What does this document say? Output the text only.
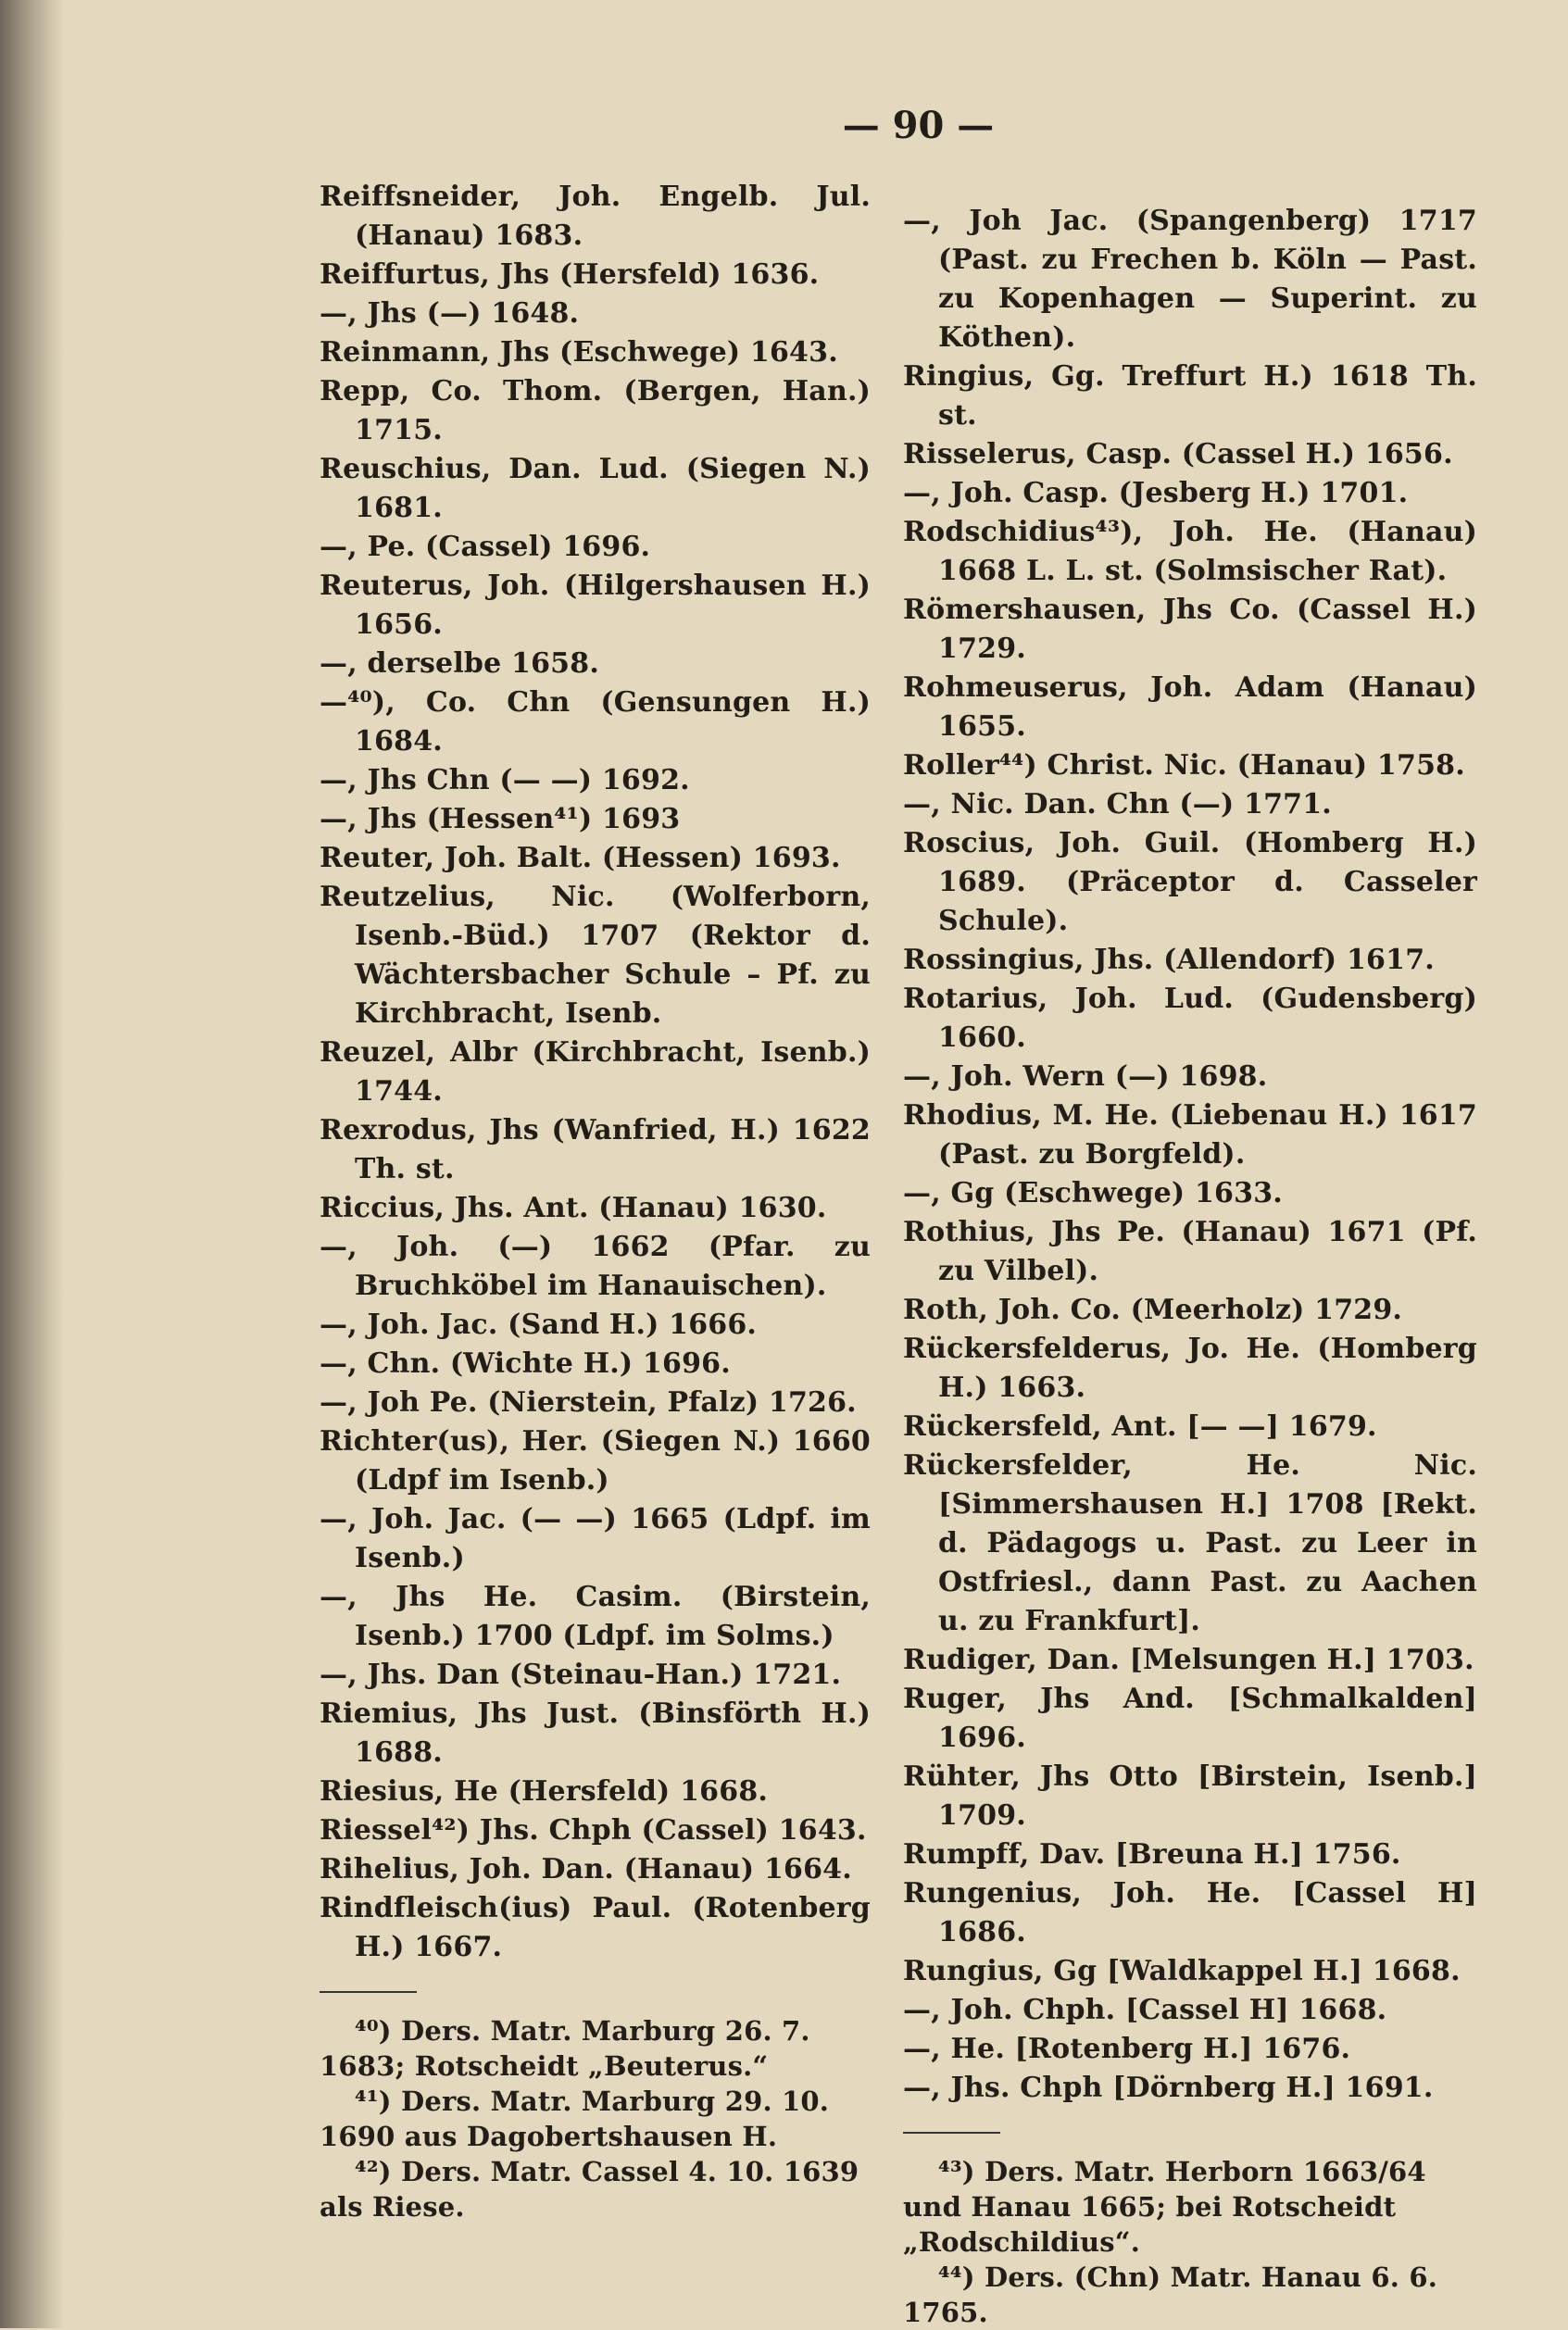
— 90 —
Reiffsneider, Joh. Engelb. Jul. (Hanau) 1683.
Reiffurtus, Jhs (Hersfeld) 1636.
—, Jhs (—) 1648.
Reinmann, Jhs (Eschwege) 1643.
Repp, Co. Thom. (Bergen, Han.) 1715.
Reuschius, Dan. Lud. (Siegen N.) 1681.
—, Pe. (Cassel) 1696.
Reuterus, Joh. (Hilgershausen H.) 1656.
—, derselbe 1658.
—⁴⁰), Co. Chn (Gensungen H.) 1684.
—, Jhs Chn (— —) 1692.
—, Jhs (Hessen⁴¹) 1693
Reuter, Joh. Balt. (Hessen) 1693.
Reutzelius, Nic. (Wolferborn, Isenb.-Büd.) 1707 (Rektor d. Wächtersbacher Schule – Pf. zu Kirchbracht, Isenb.
Reuzel, Albr (Kirchbracht, Isenb.) 1744.
Rexrodus, Jhs (Wanfried, H.) 1622 Th. st.
Riccius, Jhs. Ant. (Hanau) 1630.
—, Joh. (—) 1662 (Pfar. zu Bruchköbel im Hanauischen).
—, Joh. Jac. (Sand H.) 1666.
—, Chn. (Wichte H.) 1696.
—, Joh Pe. (Nierstein, Pfalz) 1726.
Richter(us), Her. (Siegen N.) 1660 (Ldpf im Isenb.)
—, Joh. Jac. (— —) 1665 (Ldpf. im Isenb.)
—, Jhs He. Casim. (Birstein, Isenb.) 1700 (Ldpf. im Solms.)
—, Jhs. Dan (Steinau-Han.) 1721.
Riemius, Jhs Just. (Binsförth H.) 1688.
Riesius, He (Hersfeld) 1668.
Riessel⁴²) Jhs. Chph (Cassel) 1643.
Rihelius, Joh. Dan. (Hanau) 1664.
Rindfleisch(ius) Paul. (Rotenberg H.) 1667.
⁴⁰) Ders. Matr. Marburg 26. 7. 1683; Rotscheidt „Beuterus.“
⁴¹) Ders. Matr. Marburg 29. 10. 1690 aus Dagobertshausen H.
⁴²) Ders. Matr. Cassel 4. 10. 1639 als Riese.
—, Joh Jac. (Spangenberg) 1717 (Past. zu Frechen b. Köln — Past. zu Kopenhagen — Superint. zu Köthen).
Ringius, Gg. Treffurt H.) 1618 Th. st.
Risselerus, Casp. (Cassel H.) 1656.
—, Joh. Casp. (Jesberg H.) 1701.
Rodschidius⁴³), Joh. He. (Hanau) 1668 L. L. st. (Solmsischer Rat).
Römershausen, Jhs Co. (Cassel H.) 1729.
Rohmeuserus, Joh. Adam (Hanau) 1655.
Roller⁴⁴) Christ. Nic. (Hanau) 1758.
—, Nic. Dan. Chn (—) 1771.
Roscius, Joh. Guil. (Homberg H.) 1689. (Präceptor d. Casseler Schule).
Rossingius, Jhs. (Allendorf) 1617.
Rotarius, Joh. Lud. (Gudensberg) 1660.
—, Joh. Wern (—) 1698.
Rhodius, M. He. (Liebenau H.) 1617 (Past. zu Borgfeld).
—, Gg (Eschwege) 1633.
Rothius, Jhs Pe. (Hanau) 1671 (Pf. zu Vilbel).
Roth, Joh. Co. (Meerholz) 1729.
Rückersfelderus, Jo. He. (Homberg H.) 1663.
Rückersfeld, Ant. [— —] 1679.
Rückersfelder, He. Nic. [Simmershausen H.] 1708 [Rekt. d. Pädagogs u. Past. zu Leer in Ostfriesl., dann Past. zu Aachen u. zu Frankfurt].
Rudiger, Dan. [Melsungen H.] 1703.
Ruger, Jhs And. [Schmalkalden] 1696.
Rühter, Jhs Otto [Birstein, Isenb.] 1709.
Rumpff, Dav. [Breuna H.] 1756.
Rungenius, Joh. He. [Cassel H] 1686.
Rungius, Gg [Waldkappel H.] 1668.
—, Joh. Chph. [Cassel H] 1668.
—, He. [Rotenberg H.] 1676.
—, Jhs. Chph [Dörnberg H.] 1691.
⁴³) Ders. Matr. Herborn 1663/64 und Hanau 1665; bei Rotscheidt „Rodschildius“.
⁴⁴) Ders. (Chn) Matr. Hanau 6. 6. 1765.
